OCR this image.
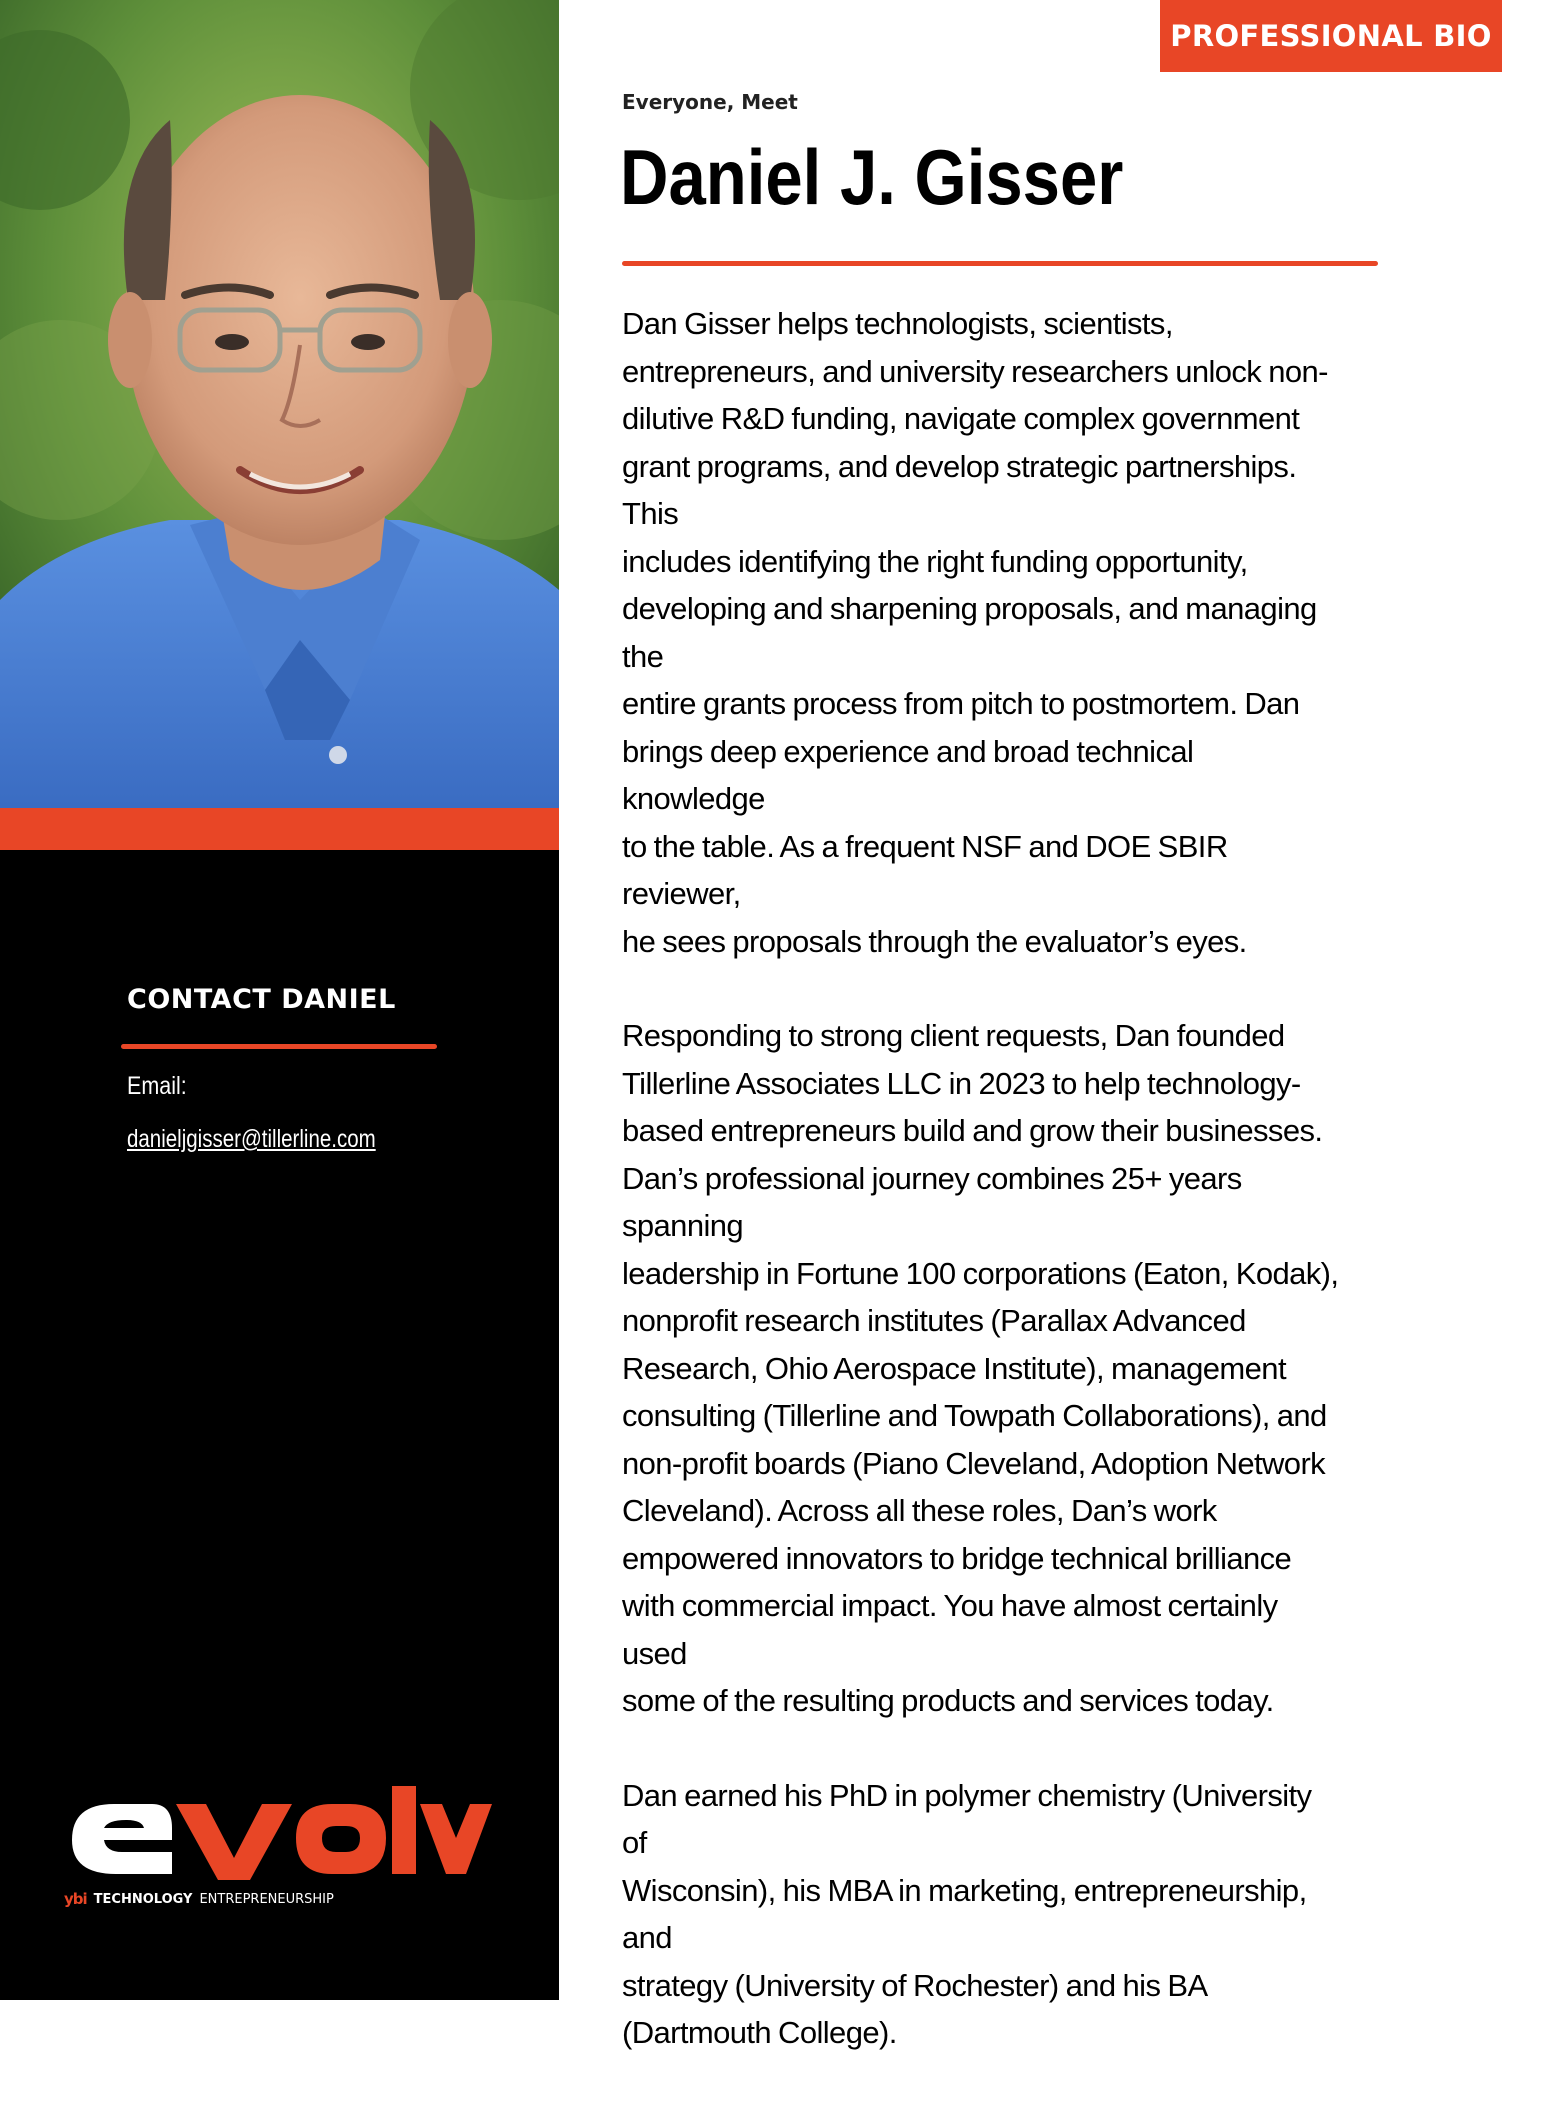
CONTACT DANIEL
Email:
danieljgisser@tillerline.com
ybi TECHNOLOGY ENTREPRENEURSHIP
PROFESSIONAL BIO
Everyone, Meet
Daniel J. Gisser

Dan Gisser helps technologists, scientists,
entrepreneurs, and university researchers unlock non-
dilutive R&D funding, navigate complex government
grant programs, and develop strategic partnerships. This
includes identifying the right funding opportunity,
developing and sharpening proposals, and managing the
entire grants process from pitch to postmortem. Dan
brings deep experience and broad technical knowledge
to the table. As a frequent NSF and DOE SBIR reviewer,
he sees proposals through the evaluator’s eyes.

Responding to strong client requests, Dan founded
Tillerline Associates LLC in 2023 to help technology-
based entrepreneurs build and grow their businesses.
Dan’s professional journey combines 25+ years spanning
leadership in Fortune 100 corporations (Eaton, Kodak),
nonprofit research institutes (Parallax Advanced
Research, Ohio Aerospace Institute), management
consulting (Tillerline and Towpath Collaborations), and
non-profit boards (Piano Cleveland, Adoption Network
Cleveland). Across all these roles, Dan’s work
empowered innovators to bridge technical brilliance
with commercial impact. You have almost certainly used
some of the resulting products and services today.

Dan earned his PhD in polymer chemistry (University of
Wisconsin), his MBA in marketing, entrepreneurship, and
strategy (University of Rochester) and his BA
(Dartmouth College).
